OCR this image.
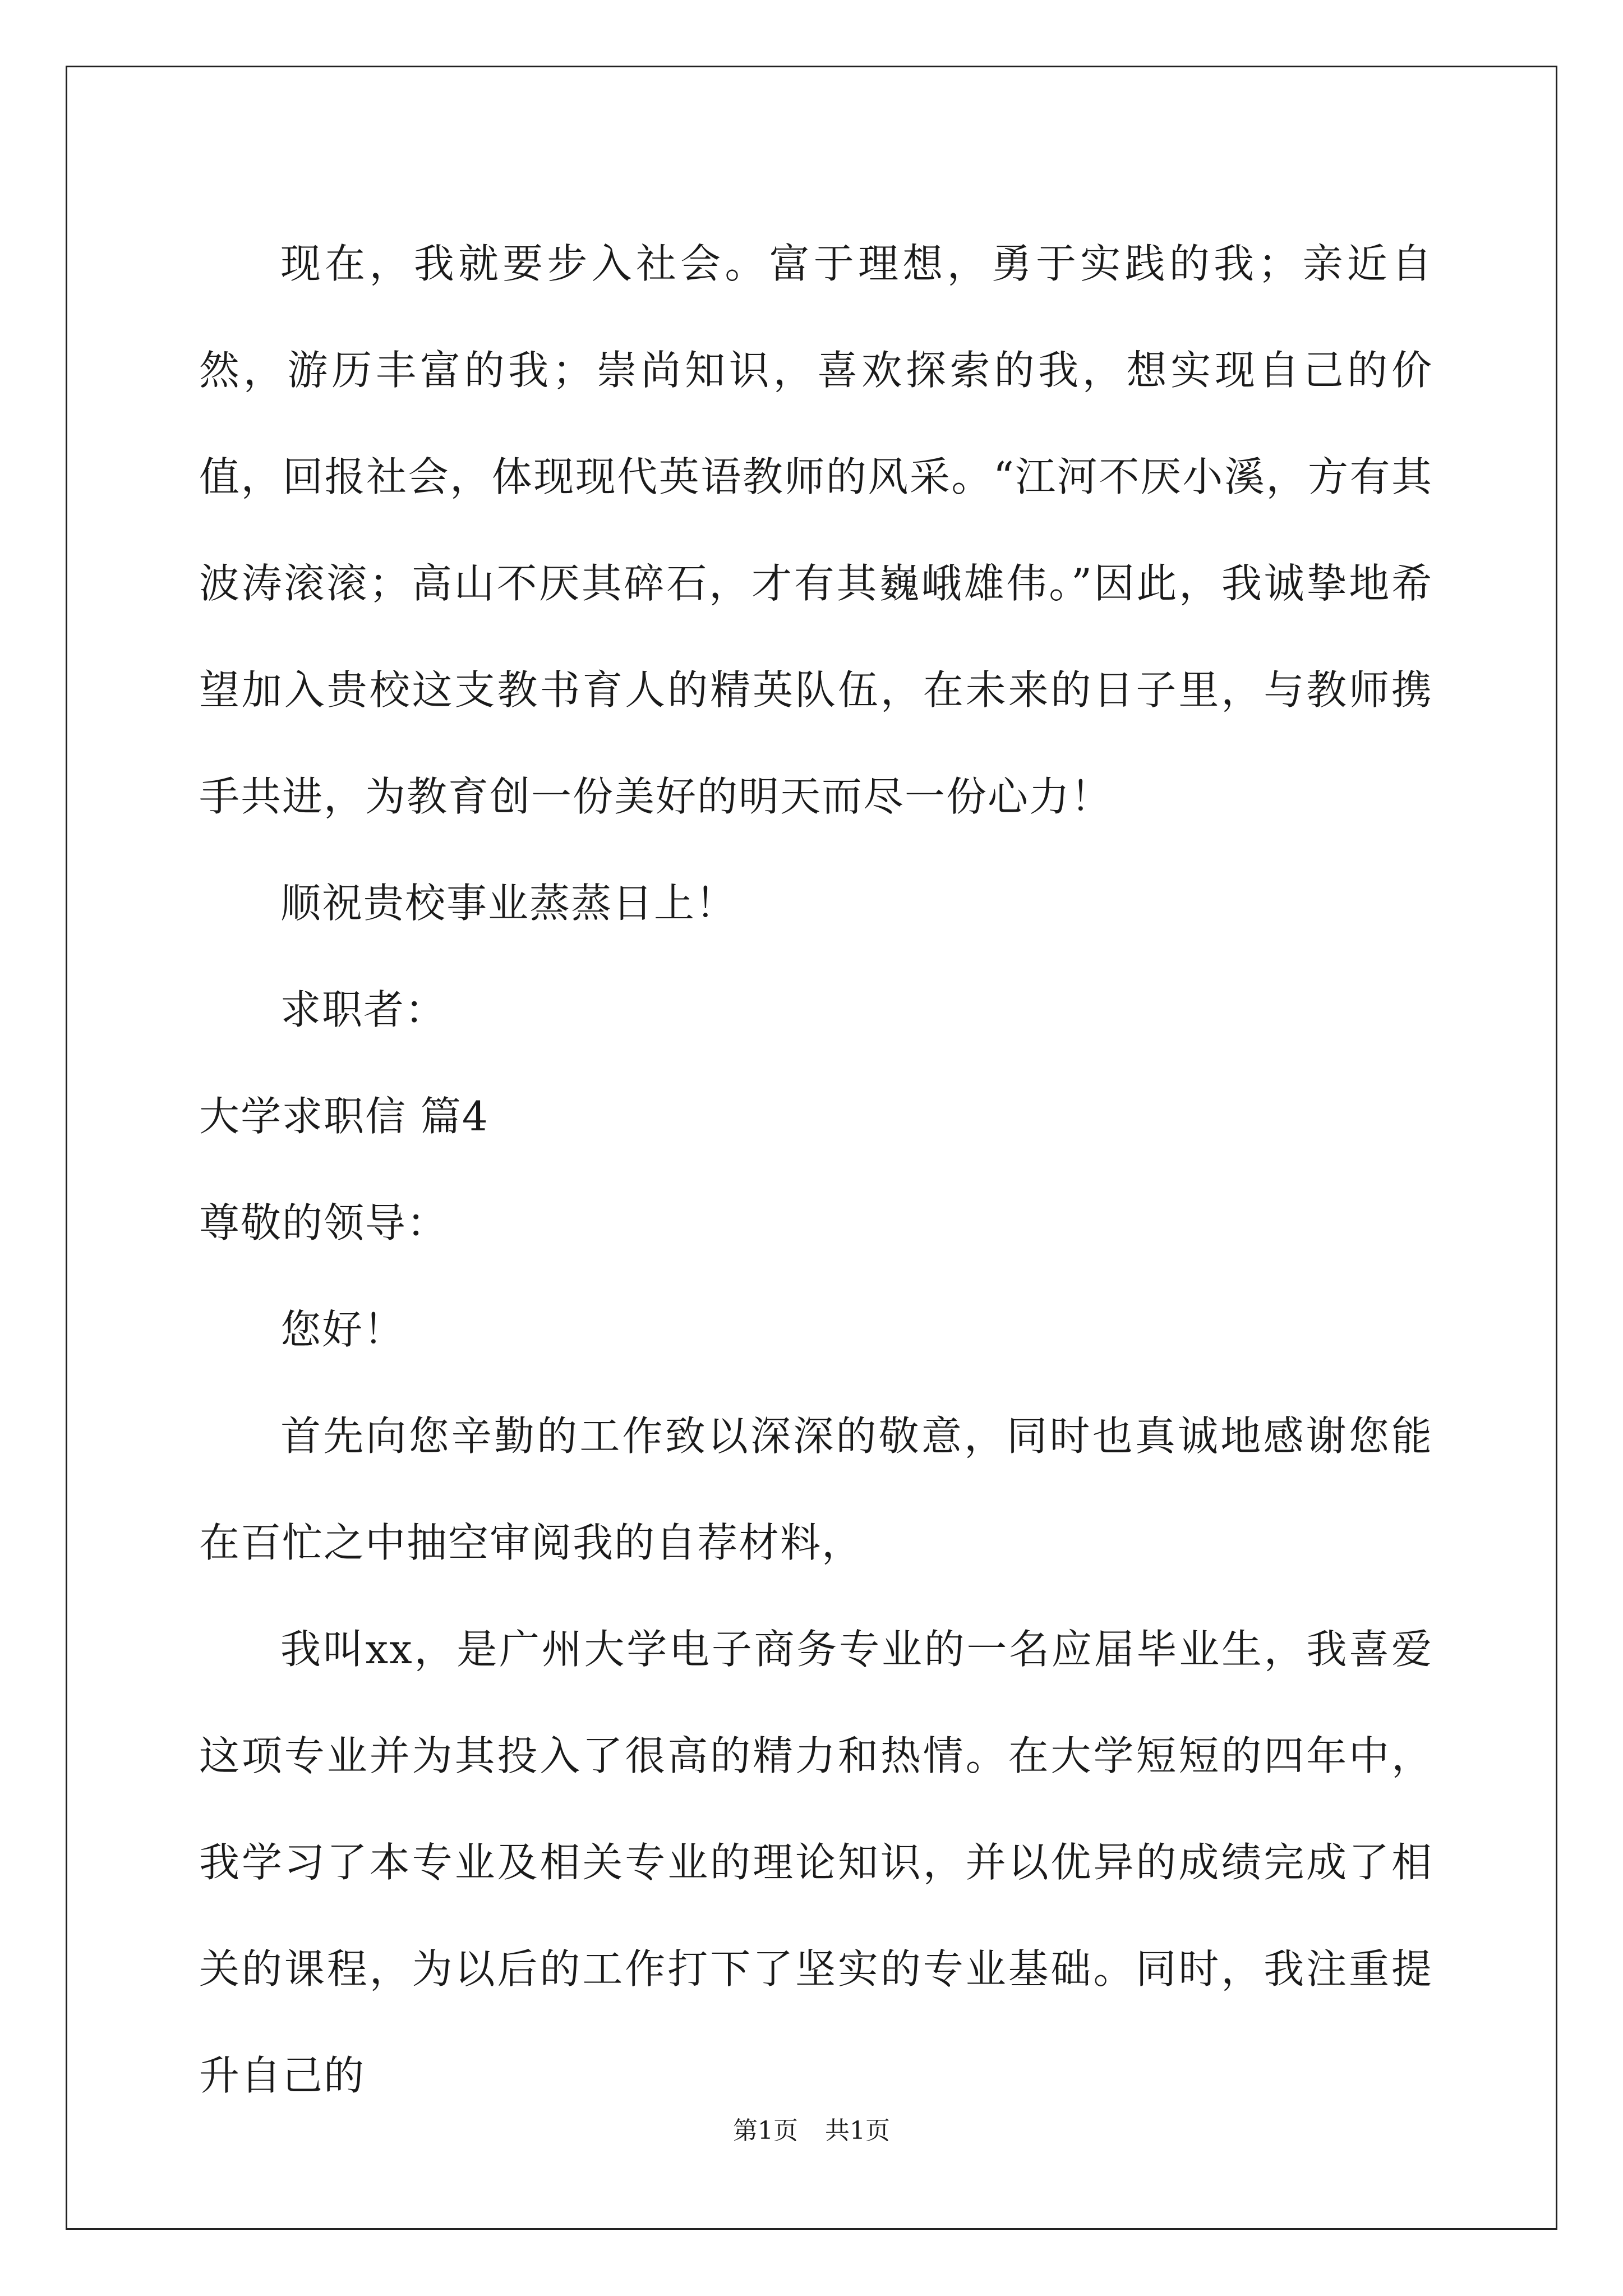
现在，我就要步入社会。富于理想，勇于实践的我；亲近自然，游历丰富的我；崇尚知识，喜欢探索的我，想实现自己的价值，回报社会，体现现代英语教师的风采。“江河不厌小溪，方有其波涛滚滚；高山不厌其碎石，才有其巍峨雄伟。”因此，我诚挚地希望加入贵校这支教书育人的精英队伍，在未来的日子里，与教师携手共进，为教育创一份美好的明天而尽一份心力！

顺祝贵校事业蒸蒸日上！

求职者：

大学求职信 篇4

尊敬的领导：

您好！

首先向您辛勤的工作致以深深的敬意，同时也真诚地感谢您能在百忙之中抽空审阅我的自荐材料，

我叫xx，是广州大学电子商务专业的一名应届毕业生，我喜爱这项专业并为其投入了很高的精力和热情。在大学短短的四年中，我学习了本专业及相关专业的理论知识，并以优异的成绩完成了相关的课程，为以后的工作打下了坚实的专业基础。同时，我注重提升自己的

第1页 共1页
